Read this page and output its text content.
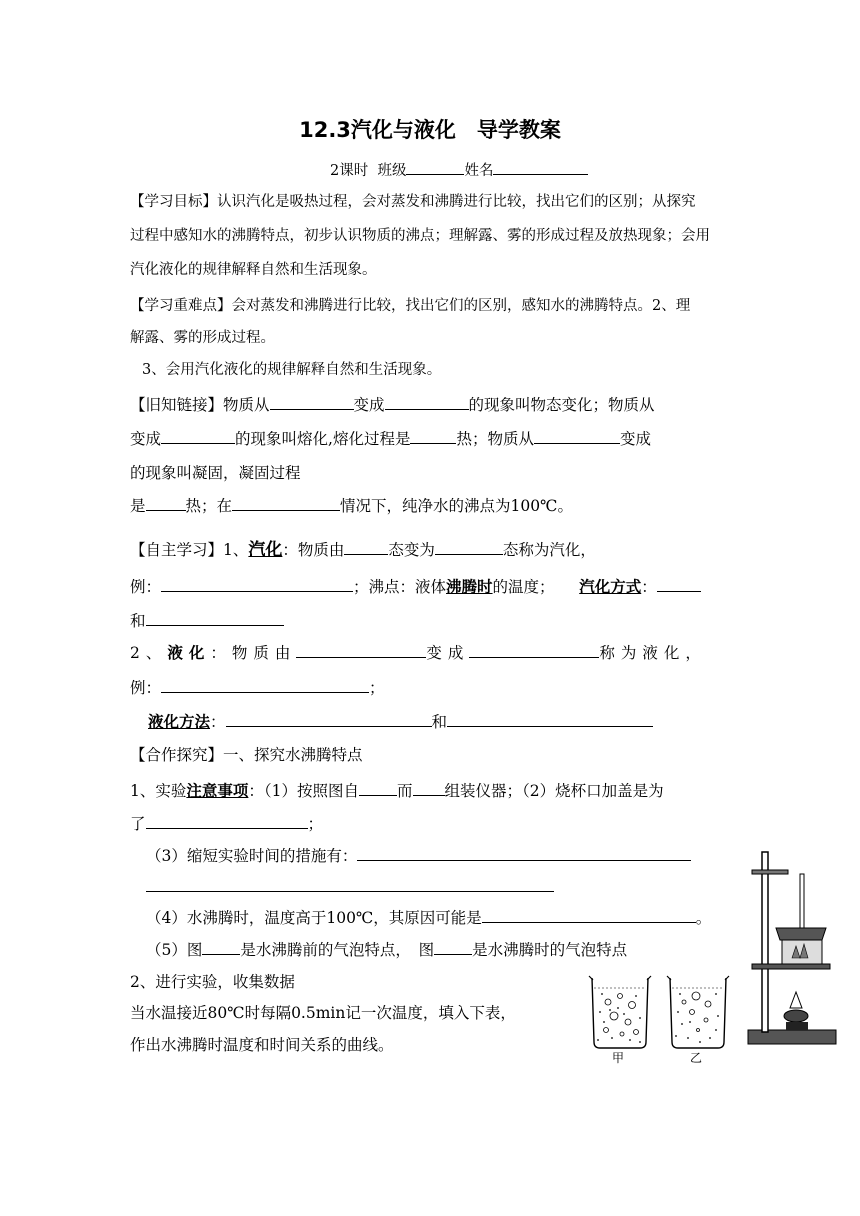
12.3汽化与液化　导学教案
2课时 班级	姓名
【学习目标】认识汽化是吸热过程，会对蒸发和沸腾进行比较，找出它们的区别；从探究
过程中感知水的沸腾特点，初步认识物质的沸点；理解露、雾的形成过程及放热现象；会用
汽化液化的规律解释自然和生活现象。
【学习重难点】会对蒸发和沸腾进行比较，找出它们的区别，感知水的沸腾特点。2、理
解露、雾的形成过程。
3、会用汽化液化的规律解释自然和生活现象。
【旧知链接】物质从	变成	的现象叫物态变化；物质从
变成	的现象叫熔化,熔化过程是	热；物质从	变成
的现象叫凝固，凝固过程
是	热；在	情况下，纯净水的沸点为100℃。
【自主学习】1、汽化：物质由	态变为	态称为汽化，
例：	；沸点：液体沸腾时的温度； 汽化方式：
和
2、液化：物质由	变成	称为液化，
例：	；
液化方法：	和
【合作探究】一、探究水沸腾特点
1、实验注意事项：（1）按照图自 而 组装仪器；（2）烧杯口加盖是为
了	；
（3）缩短实验时间的措施有：
（4）水沸腾时，温度高于100℃，其原因可能是	。
（5）图 是水沸腾前的气泡特点，　图 是水沸腾时的气泡特点
2、进行实验，收集数据
当水温接近80℃时每隔0.5min记一次温度，填入下表，
作出水沸腾时温度和时间关系的曲线。
甲	乙
